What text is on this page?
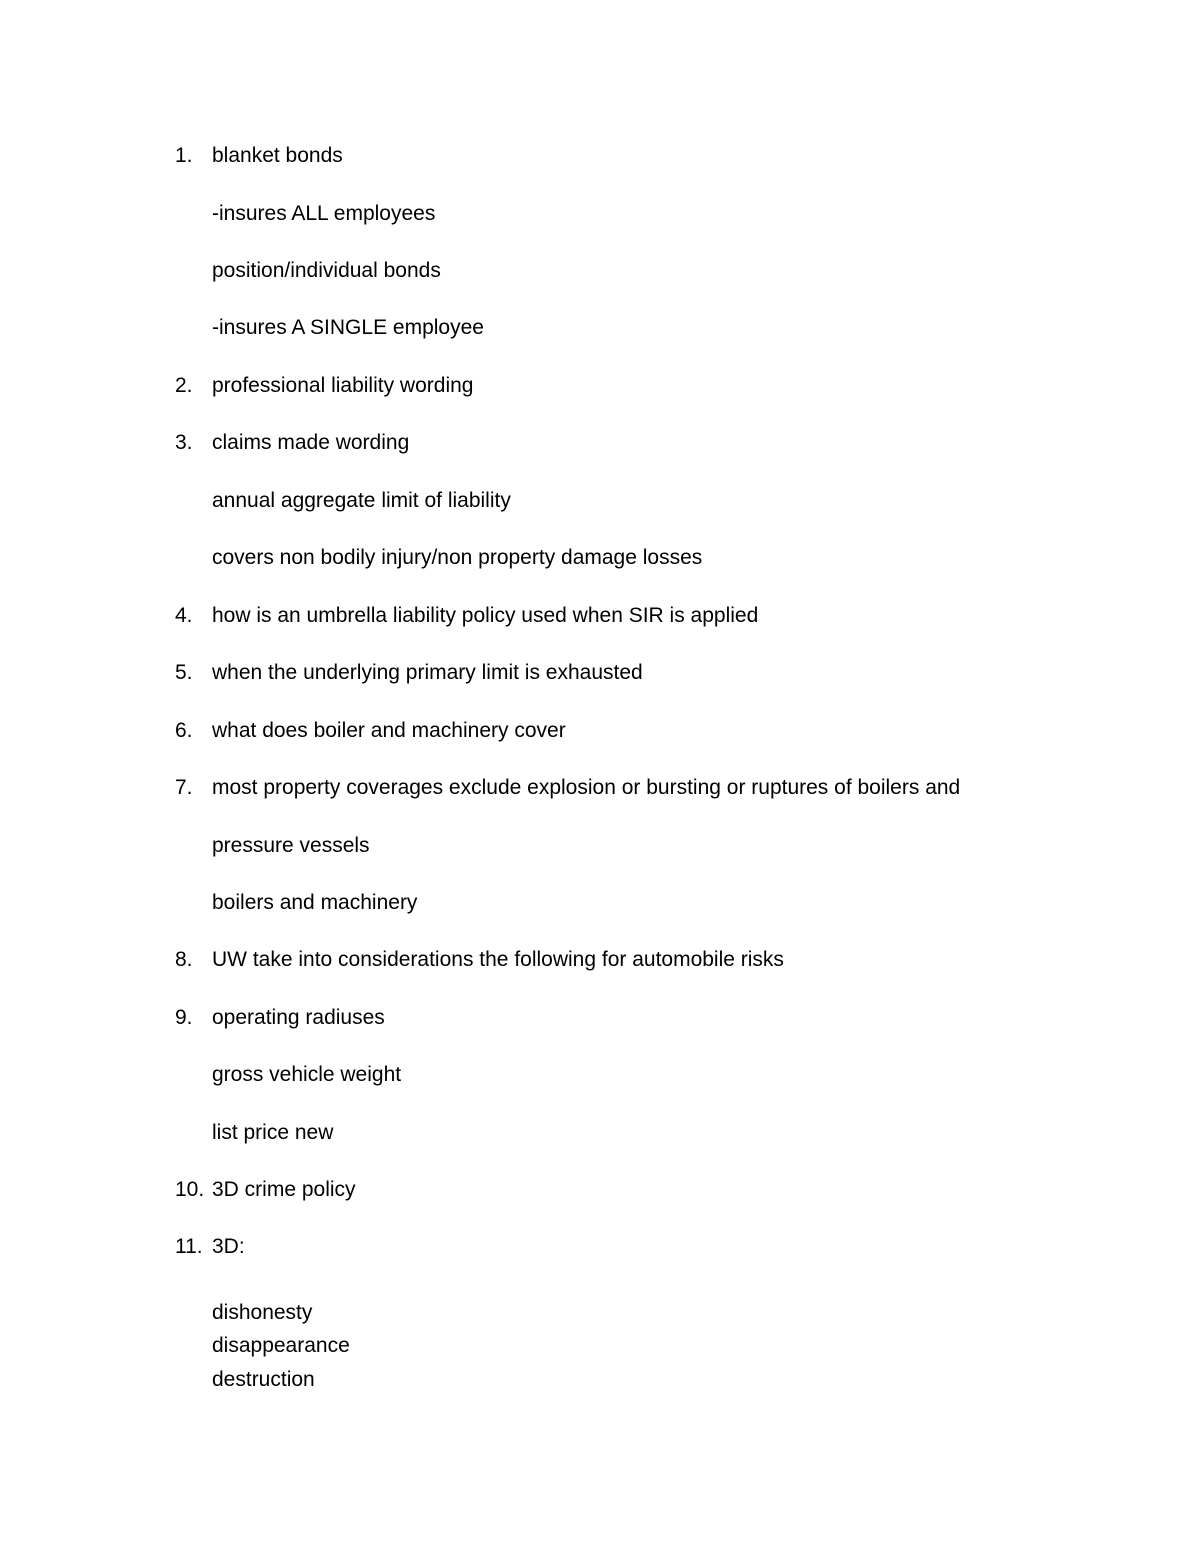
1. blanket bonds
-insures ALL employees
position/individual bonds
-insures A SINGLE employee
2. professional liability wording
3. claims made wording
annual aggregate limit of liability
covers non bodily injury/non property damage losses
4. how is an umbrella liability policy used when SIR is applied
5. when the underlying primary limit is exhausted
6. what does boiler and machinery cover
7. most property coverages exclude explosion or bursting or ruptures of boilers and
pressure vessels
boilers and machinery
8. UW take into considerations the following for automobile risks
9. operating radiuses
gross vehicle weight
list price new
10. 3D crime policy
11. 3D:
dishonesty
disappearance
destruction
